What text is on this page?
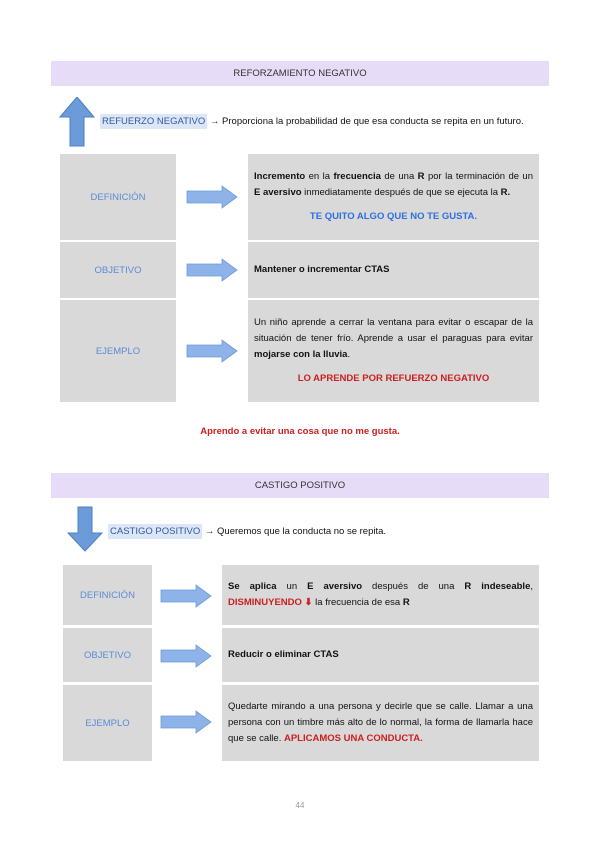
REFORZAMIENTO NEGATIVO
REFUERZO NEGATIVO → Proporciona la probabilidad de que esa conducta se repita en un futuro.
DEFINICIÓN
Incremento en la frecuencia de una R por la terminación de un E aversivo inmediatamente después de que se ejecuta la R.
TE QUITO ALGO QUE NO TE GUSTA.
OBJETIVO	Mantener o incrementar CTAS
EJEMPLO
Un niño aprende a cerrar la ventana para evitar o escapar de la situación de tener frío. Aprende a usar el paraguas para evitar mojarse con la lluvia.
LO APRENDE POR REFUERZO NEGATIVO
Aprendo a evitar una cosa que no me gusta.
CASTIGO POSITIVO
CASTIGO POSITIVO → Queremos que la conducta no se repita.
DEFINICIÓN
Se aplica un E aversivo después de una R indeseable, DISMINUYENDO ⬇ la frecuencia de esa R
OBJETIVO	Reducir o eliminar CTAS
EJEMPLO
Quedarte mirando a una persona y decirle que se calle. Llamar a una persona con un timbre más alto de lo normal, la forma de llamarla hace que se calle. APLICAMOS UNA CONDUCTA.
44
